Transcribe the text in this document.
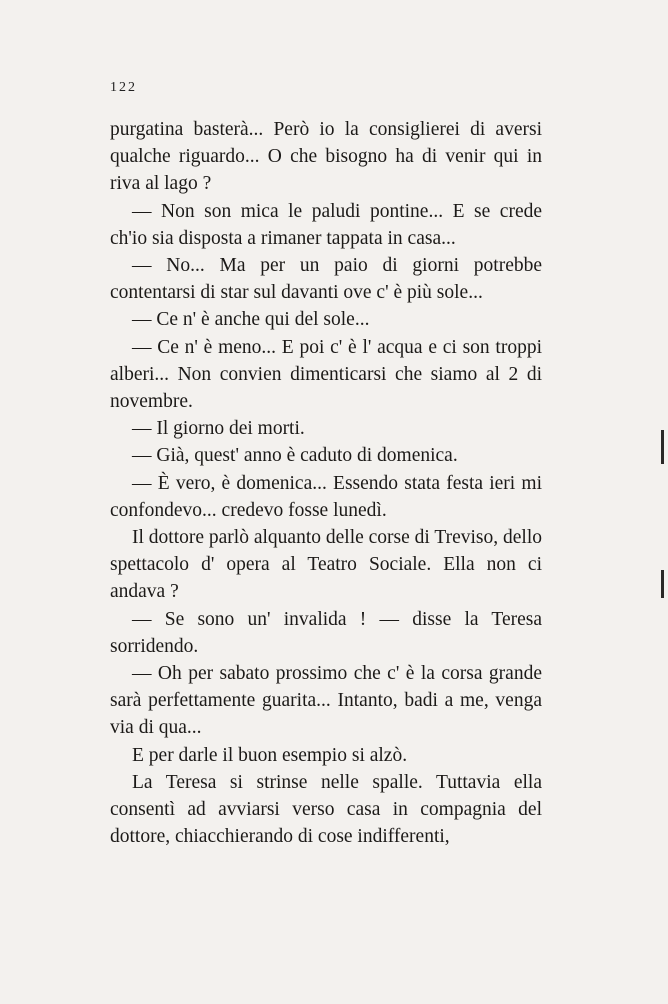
122

purgatina basterà... Però io la consiglierei di aversi qualche riguardo... O che bisogno ha di venir qui in riva al lago ?

— Non son mica le paludi pontine... E se crede ch'io sia disposta a rimaner tappata in casa...

— No... Ma per un paio di giorni potrebbe contentarsi di star sul davanti ove c' è più sole...

— Ce n' è anche qui del sole...

— Ce n' è meno... E poi c' è l' acqua e ci son troppi alberi... Non convien dimenticarsi che siamo al 2 di novembre.

— Il giorno dei morti.

— Già, quest' anno è caduto di domenica.

— È vero, è domenica... Essendo stata festa ieri mi confondevo... credevo fosse lunedì.

Il dottore parlò alquanto delle corse di Treviso, dello spettacolo d' opera al Teatro Sociale. Ella non ci andava ?

— Se sono un' invalida ! — disse la Teresa sorridendo.

— Oh per sabato prossimo che c' è la corsa grande sarà perfettamente guarita... Intanto, badi a me, venga via di qua...

E per darle il buon esempio si alzò.

La Teresa si strinse nelle spalle. Tuttavia ella consentì ad avviarsi verso casa in compagnia del dottore, chiacchierando di cose indifferenti,
